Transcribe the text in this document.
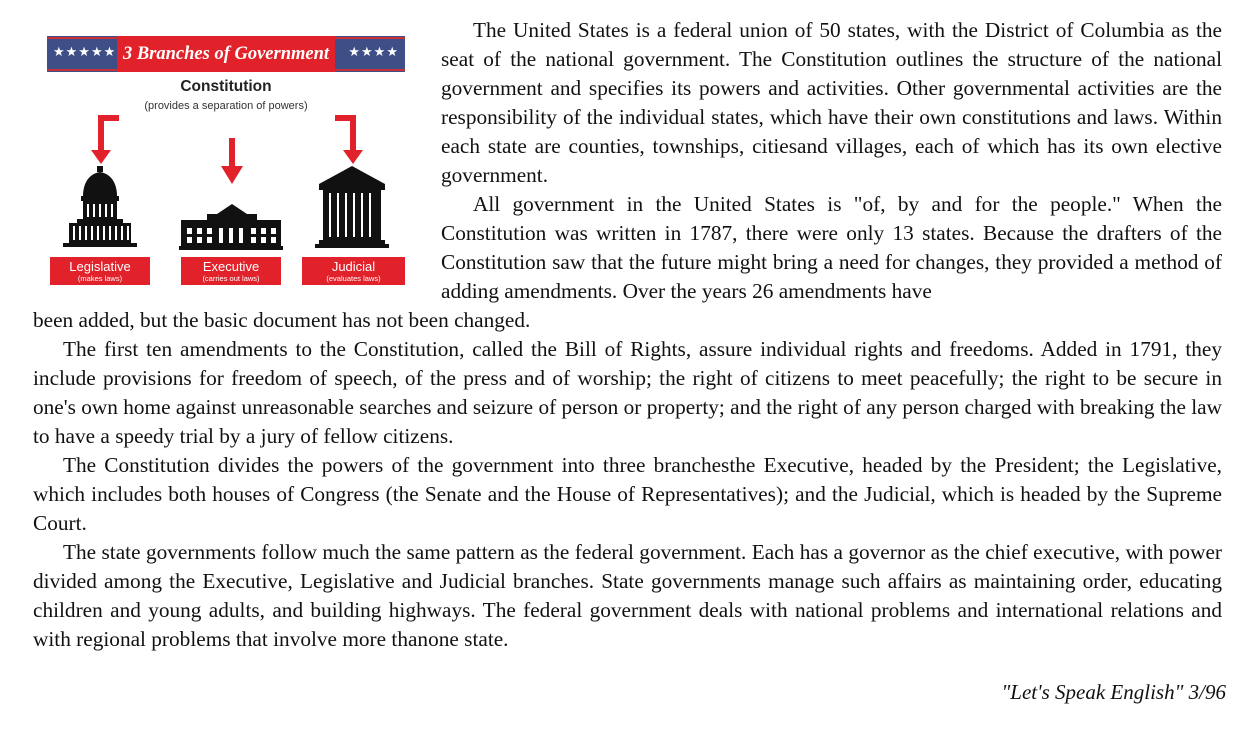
★★★★★	★★★★
3 Branches of Government
Constitution
(provides a separation of powers)
Legislative
(makes laws)
Executive
(carries out laws)
Judicial
(evaluates laws)

The United States is a federal union of 50 states, with the District of Columbia as the seat of the national government. The Constitution outlines the structure of the national government and specifies its powers and activities. Other governmental activities are the responsibility of the individual states, which have their own constitutions and laws. Within each state are counties, townships, citiesand villages, each of which has its own elective government.

All government in the United States is "of, by and for the people." When the Constitution was written in 1787, there were only 13 states. Because the drafters of the Constitution saw that the future might bring a need for changes, they provided a method of adding amendments. Over the years 26 amendments have

been added, but the basic document has not been changed.

The first ten amendments to the Constitution, called the Bill of Rights, assure individual rights and freedoms. Added in 1791, they include provisions for freedom of speech, of the press and of worship; the right of citizens to meet peacefully; the right to be secure in one's own home against unreasonable searches and seizure of person or property; and the right of any person charged with breaking the law to have a speedy trial by a jury of fellow citizens.

The Constitution divides the powers of the government into three branchesthe Executive, headed by the President; the Legislative, which includes both houses of Congress (the Senate and the House of Representatives); and the Judicial, which is headed by the Supreme Court.

The state governments follow much the same pattern as the federal government. Each has a governor as the chief executive, with power divided among the Executive, Legislative and Judicial branches. State governments manage such affairs as maintaining order, educating children and young adults, and building highways. The federal government deals with national problems and international relations and with regional problems that involve more thanone state.

"Let's Speak English" 3/96
